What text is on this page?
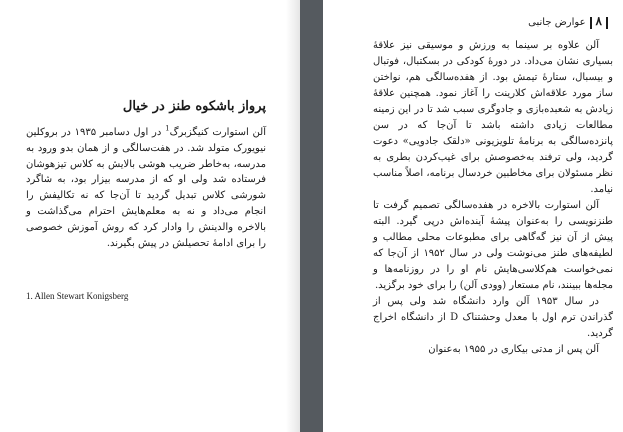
پرواز باشکوه طنز در خیال

آلن استوارت کنیگزبرگ$^1$ در اول دسامبر ۱۹۳۵ در بروکلین نیویورک متولد شد. در هفت‌سالگی و از همان بدو ورود به مدرسه، به‌خاطر ضریب هوشی بالایش به کلاس تیزهوشان فرستاده شد ولی او که از مدرسه بیزار بود، به شاگرد شورشی کلاس تبدیل گردید تا آن‌جا که نه تکالیفش را انجام می‌داد و نه به معلم‌هایش احترام می‌گذاشت و بالاخره والدینش را وادار کرد که روش آموزش خصوصی را برای ادامهٔ تحصیلش در پیش بگیرند.

1. Allen Stewart Konigsberg
۸عوارض جانبی

آلن علاوه بر سینما به ورزش و موسیقی نیز علاقهٔ بسیاری نشان می‌داد. در دورهٔ کودکی در بسکتبال، فوتبال و بیسبال، ستارهٔ تیمش بود. از هفده‌سالگی هم، نواختن ساز مورد علاقه‌اش کلارینت را آغاز نمود. همچنین علاقهٔ زیادش به شعبده‌بازی و جادوگری سبب شد تا در این زمینه مطالعات زیادی داشته باشد تا آن‌جا که در سن پانزده‌سالگی به برنامهٔ تلویزیونی «دلقک جادویی» دعوت گردید، ولی ترفند به‌خصوصش برای غیب‌کردن بطری به نظر مسئولان برای مخاطبین خردسال برنامه، اصلاً مناسب نیامد.

آلن استوارت بالاخره در هفده‌سالگی تصمیم گرفت تا طنزنویسی را به‌عنوان پیشهٔ آینده‌اش درپی گیرد. البته پیش از آن نیز گه‌گاهی برای مطبوعات محلی مطالب و لطیفه‌های طنز می‌نوشت ولی در سال ۱۹۵۲ از آن‌جا که نمی‌خواست هم‌کلاسی‌هایش نام او را در روزنامه‌ها و مجله‌ها ببینند، نام مستعار (وودی آلن) را برای خود برگزید.

در سال ۱۹۵۳ آلن وارد دانشگاه شد ولی پس از گذراندن ترم اول با معدل وحشتناک D از دانشگاه اخراج گردید.

آلن پس از مدتی بیکاری در ۱۹۵۵ به‌عنوان
